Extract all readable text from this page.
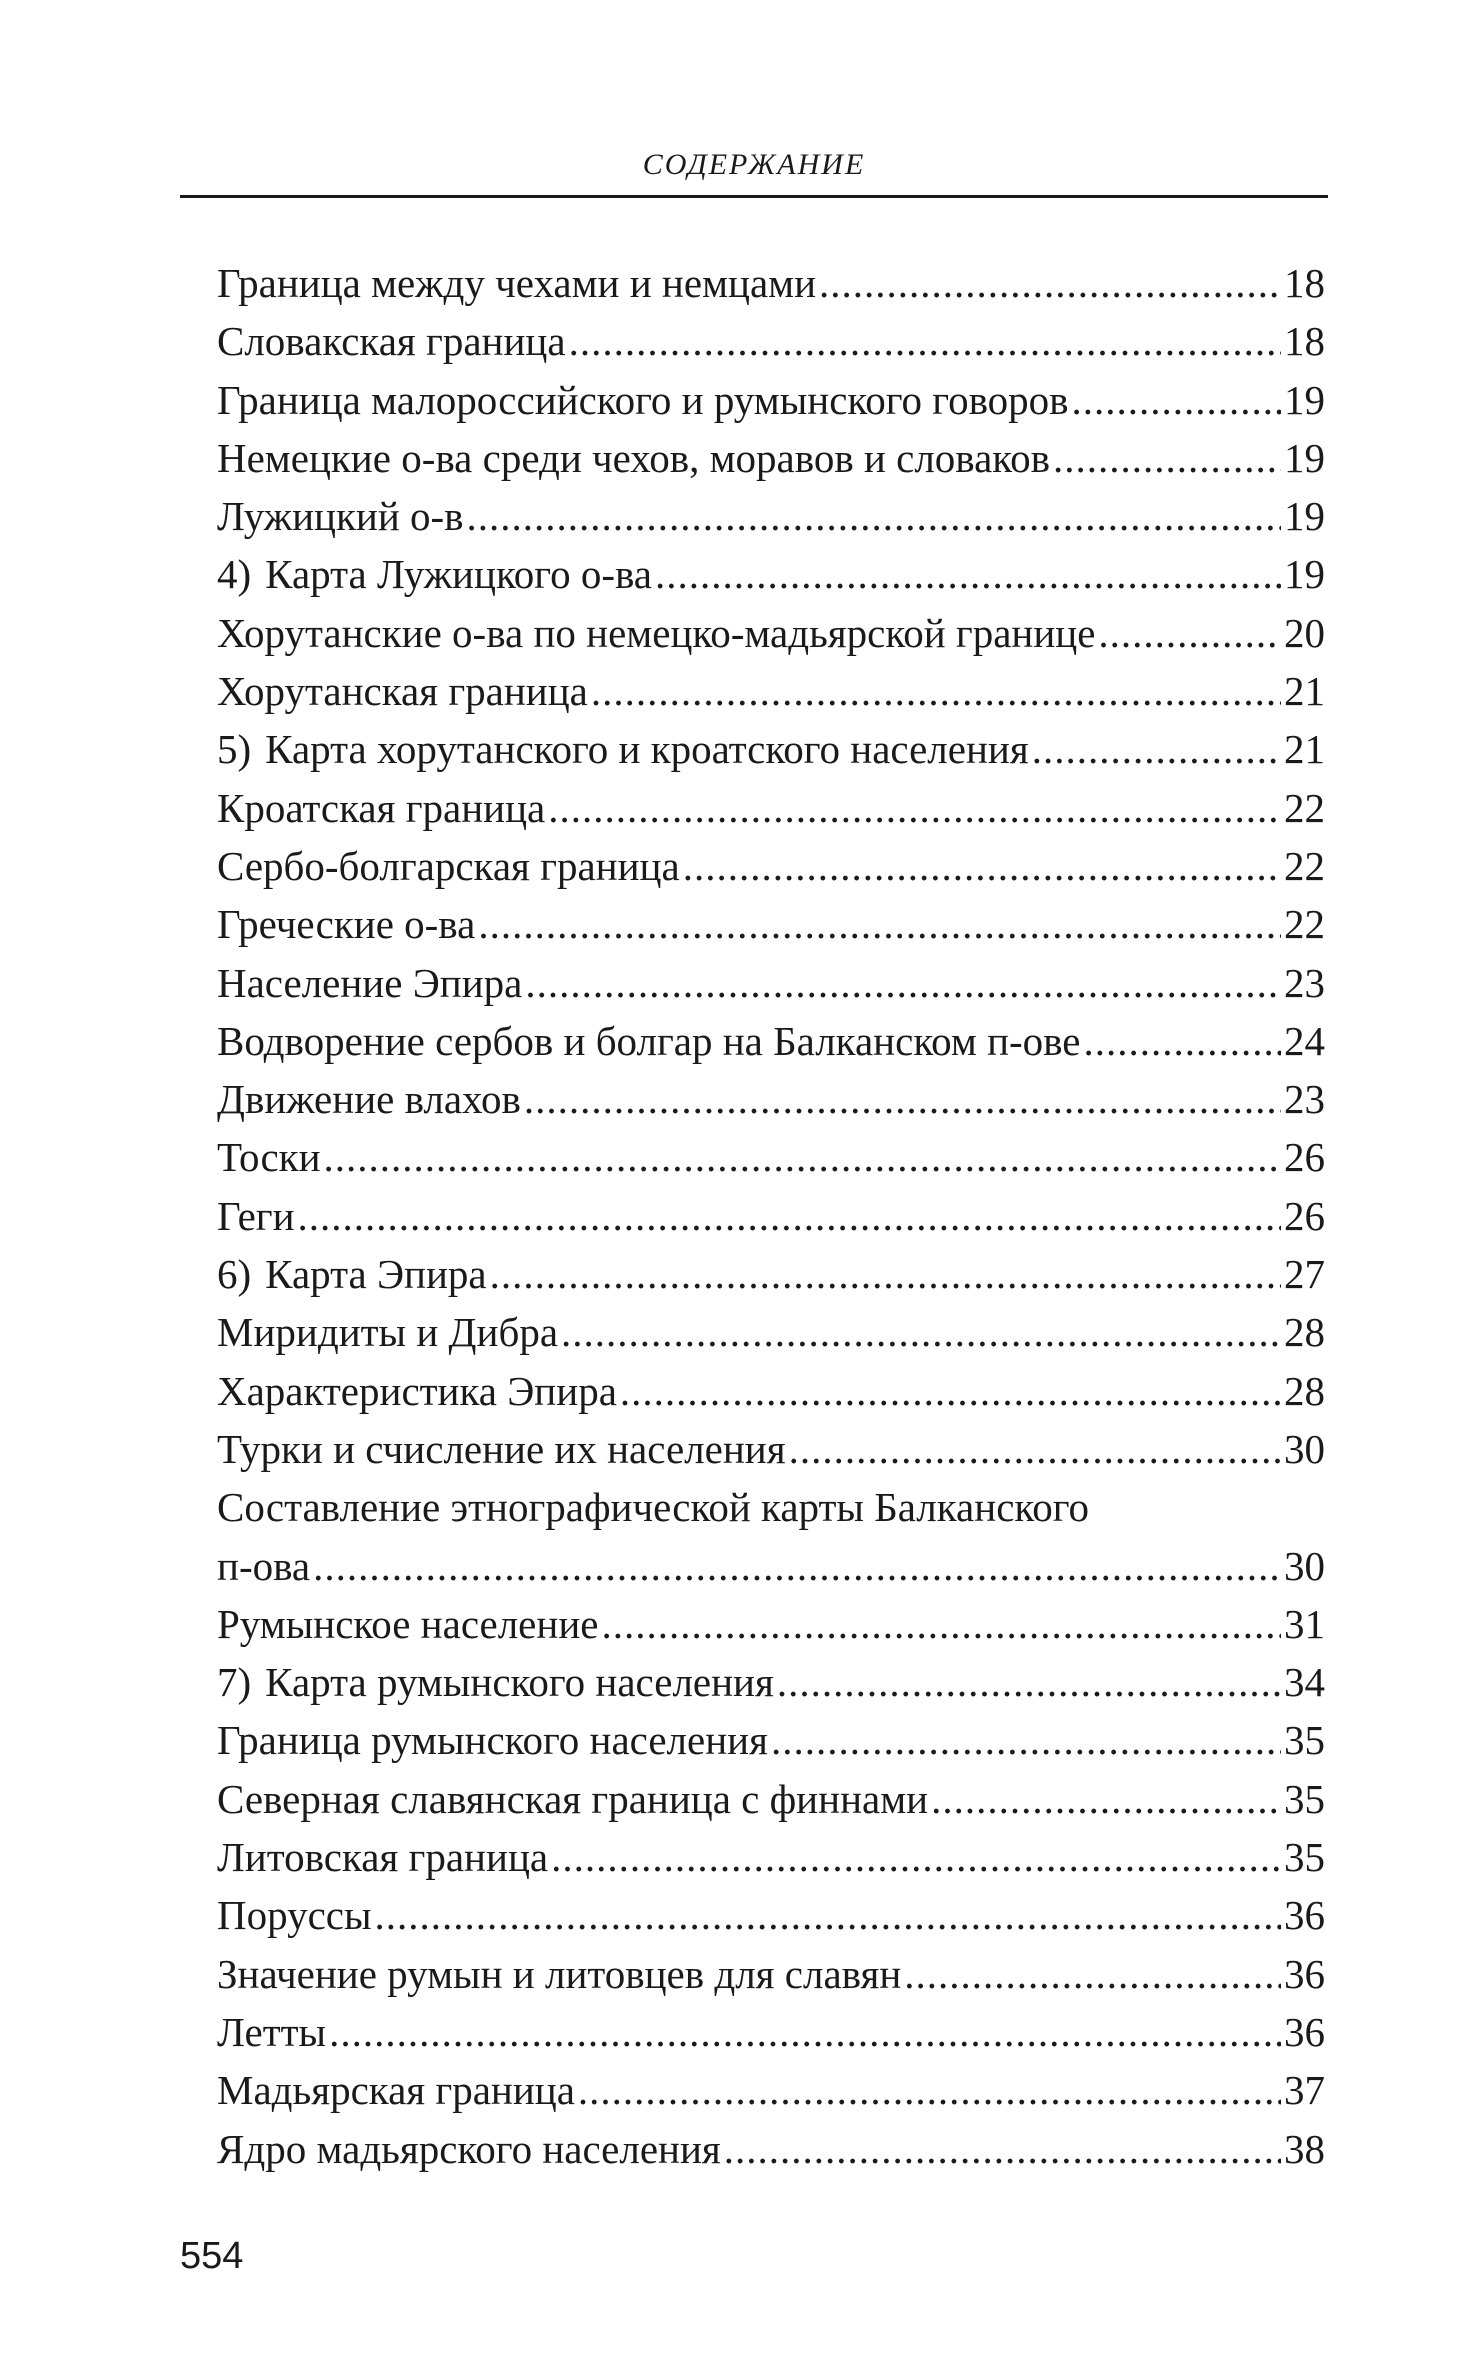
СОДЕРЖАНИЕ
Граница между чехами и немцами .....	18
Словакская граница .....	18
Граница малороссийского и румынского говоров .....	19
Немецкие о-ва среди чехов, моравов и словаков .....	19
Лужицкий о-в .....	19
4) Карта Лужицкого о-ва .....	19
Хорутанские о-ва по немецко-мадьярской границе .....	20
Хорутанская граница .....	21
5) Карта хорутанского и кроатского населения .....	21
Кроатская граница .....	22
Сербо-болгарская граница .....	22
Греческие о-ва .....	22
Население Эпира .....	23
Водворение сербов и болгар на Балканском п-ове .....	24
Движение влахов .....	23
Тоски .....	26
Геги .....	26
6) Карта Эпира .....	27
Миридиты и Дибра .....	28
Характеристика Эпира .....	28
Турки и счисление их населения .....	30
Составление этнографической карты Балканского
п-ова .....	30
Румынское население .....	31
7) Карта румынского населения .....	34
Граница румынского населения .....	35
Северная славянская граница с финнами .....	35
Литовская граница .....	35
Поруссы .....	36
Значение румын и литовцев для славян .....	36
Летты .....	36
Мадьярская граница .....	37
Ядро мадьярского населения .....	38
554
